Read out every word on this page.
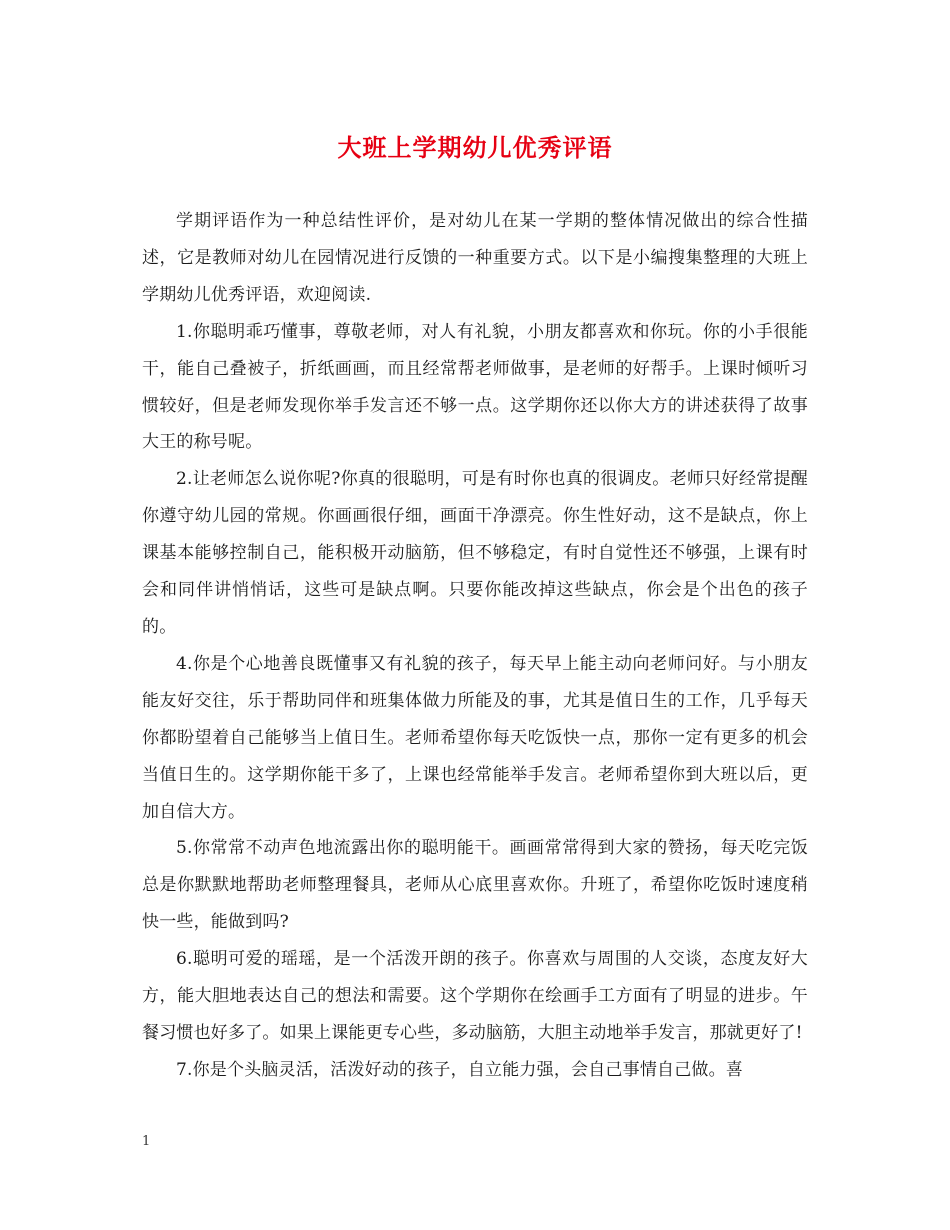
大班上学期幼儿优秀评语

学期评语作为一种总结性评价，是对幼儿在某一学期的整体情况做出的综合性描述，它是教师对幼儿在园情况进行反馈的一种重要方式。以下是小编搜集整理的大班上学期幼儿优秀评语，欢迎阅读.

1.你聪明乖巧懂事，尊敬老师，对人有礼貌，小朋友都喜欢和你玩。你的小手很能干，能自己叠被子，折纸画画，而且经常帮老师做事，是老师的好帮手。上课时倾听习惯较好，但是老师发现你举手发言还不够一点。这学期你还以你大方的讲述获得了故事大王的称号呢。

2.让老师怎么说你呢?你真的很聪明，可是有时你也真的很调皮。老师只好经常提醒你遵守幼儿园的常规。你画画很仔细，画面干净漂亮。你生性好动，这不是缺点，你上课基本能够控制自己，能积极开动脑筋，但不够稳定，有时自觉性还不够强，上课有时会和同伴讲悄悄话，这些可是缺点啊。只要你能改掉这些缺点，你会是个出色的孩子的。

4.你是个心地善良既懂事又有礼貌的孩子，每天早上能主动向老师问好。与小朋友能友好交往，乐于帮助同伴和班集体做力所能及的事，尤其是值日生的工作，几乎每天你都盼望着自己能够当上值日生。老师希望你每天吃饭快一点，那你一定有更多的机会当值日生的。这学期你能干多了，上课也经常能举手发言。老师希望你到大班以后，更加自信大方。

5.你常常不动声色地流露出你的聪明能干。画画常常得到大家的赞扬，每天吃完饭总是你默默地帮助老师整理餐具，老师从心底里喜欢你。升班了，希望你吃饭时速度稍快一些，能做到吗?

6.聪明可爱的瑶瑶，是一个活泼开朗的孩子。你喜欢与周围的人交谈，态度友好大方，能大胆地表达自己的想法和需要。这个学期你在绘画手工方面有了明显的进步。午餐习惯也好多了。如果上课能更专心些，多动脑筋，大胆主动地举手发言，那就更好了!

7.你是个头脑灵活，活泼好动的孩子，自立能力强，会自己事情自己做。喜

1
